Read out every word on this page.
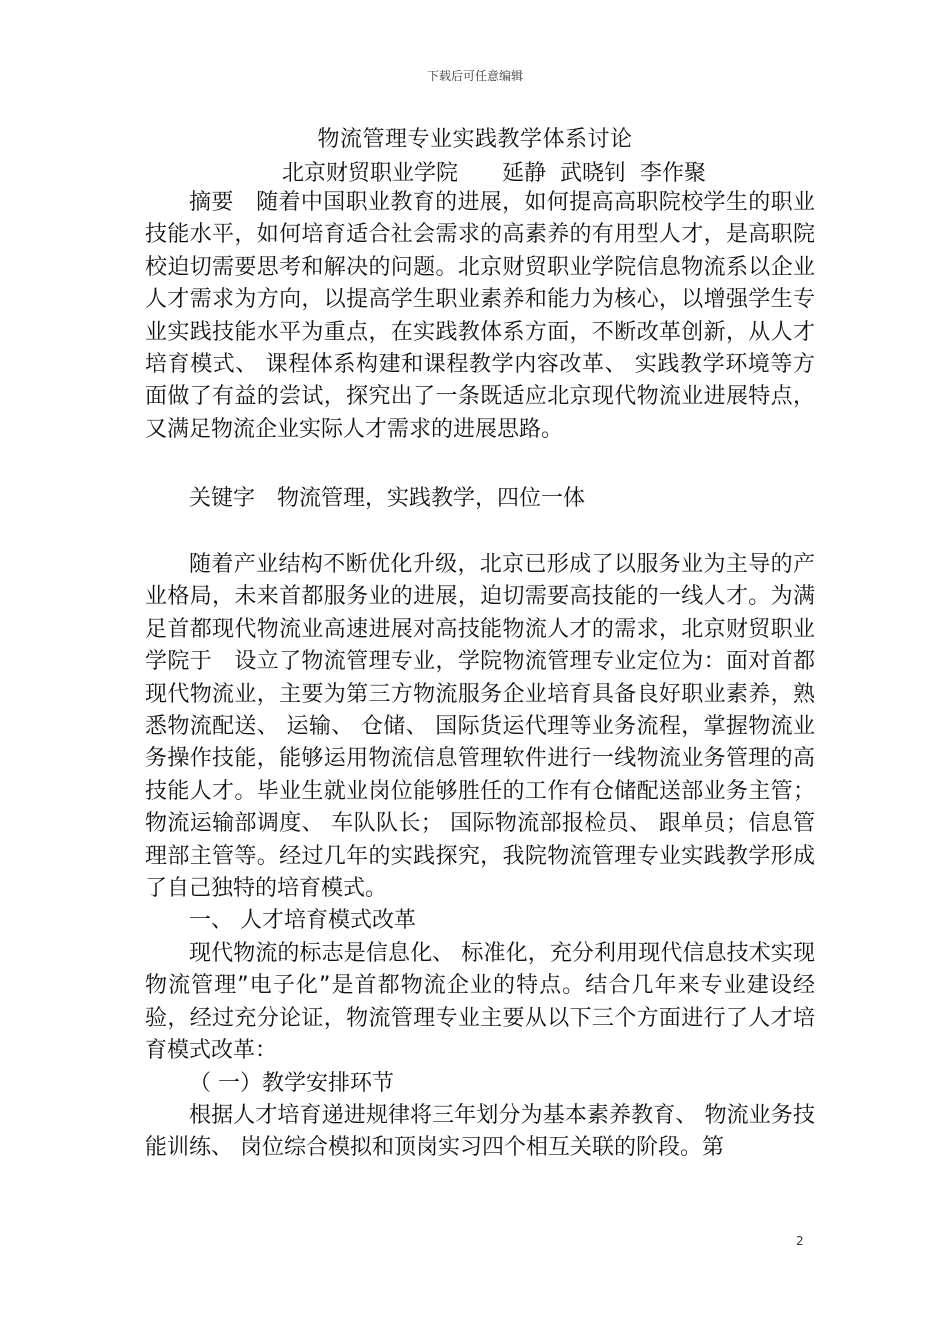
下载后可任意编辑
物流管理专业实践教学体系讨论
北京财贸职业学院　　延静  武晓钊  李作聚

摘要　随着中国职业教育的进展，如何提高高职院校学生的职业技能水平，如何培育适合社会需求的高素养的有用型人才，是高职院校迫切需要思考和解决的问题。北京财贸职业学院信息物流系以企业人才需求为方向，以提高学生职业素养和能力为核心，以增强学生专业实践技能水平为重点，在实践教体系方面，不断改革创新，从人才培育模式、 课程体系构建和课程教学内容改革、 实践教学环境等方面做了有益的尝试，探究出了一条既适应北京现代物流业进展特点，又满足物流企业实际人才需求的进展思路。

关键字　物流管理，实践教学，四位一体

随着产业结构不断优化升级，北京已形成了以服务业为主导的产业格局，未来首都服务业的进展，迫切需要高技能的一线人才。为满足首都现代物流业高速进展对高技能物流人才的需求，北京财贸职业学院于　设立了物流管理专业，学院物流管理专业定位为：面对首都现代物流业，主要为第三方物流服务企业培育具备良好职业素养，熟悉物流配送、 运输、 仓储、 国际货运代理等业务流程，掌握物流业务操作技能，能够运用物流信息管理软件进行一线物流业务管理的高技能人才。毕业生就业岗位能够胜任的工作有仓储配送部业务主管；物流运输部调度、 车队队长； 国际物流部报检员、 跟单员；信息管理部主管等。经过几年的实践探究，我院物流管理专业实践教学形成了自己独特的培育模式。

一、 人才培育模式改革

现代物流的标志是信息化、 标准化，充分利用现代信息技术实现物流管理”电子化”是首都物流企业的特点。结合几年来专业建设经验，经过充分论证，物流管理专业主要从以下三个方面进行了人才培育模式改革：

（ 一）教学安排环节

根据人才培育递进规律将三年划分为基本素养教育、 物流业务技能训练、 岗位综合模拟和顶岗实习四个相互关联的阶段。第

2
